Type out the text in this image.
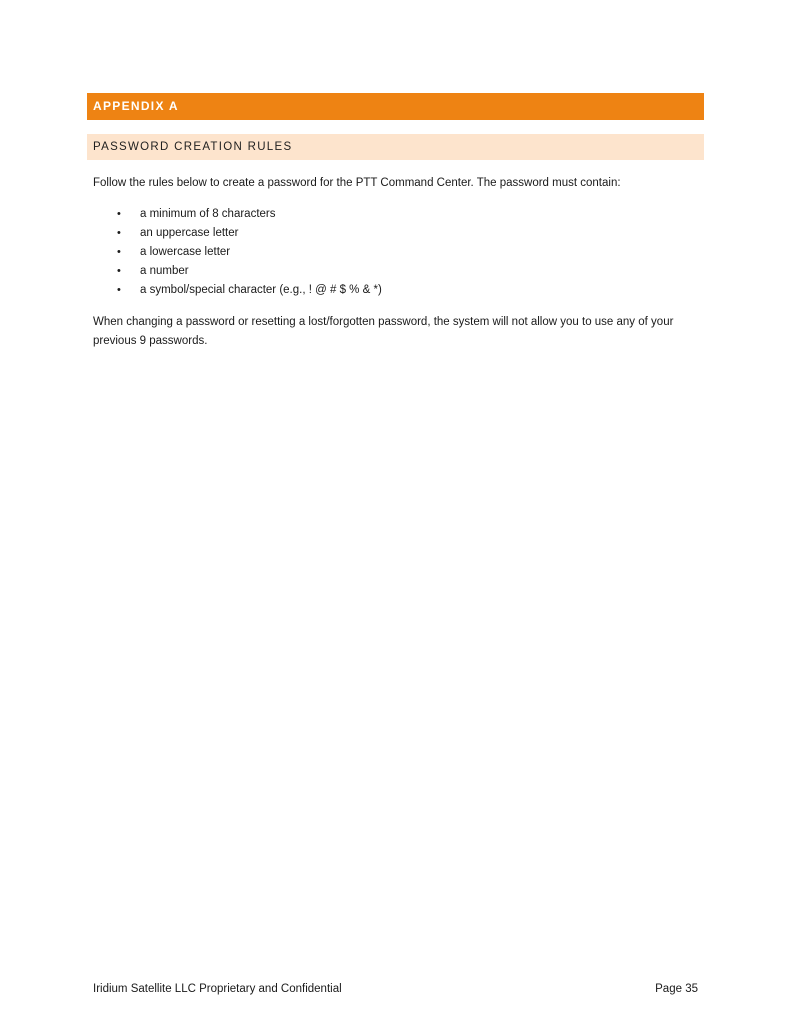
APPENDIX A
PASSWORD CREATION RULES

Follow the rules below to create a password for the PTT Command Center. The password must contain:

• a minimum of 8 characters
• an uppercase letter
• a lowercase letter
• a number
• a symbol/special character (e.g., ! @ # $ % & *)

When changing a password or resetting a lost/forgotten password, the system will not allow you to use any of your previous 9 passwords.

Iridium Satellite LLC Proprietary and Confidential	Page 35
